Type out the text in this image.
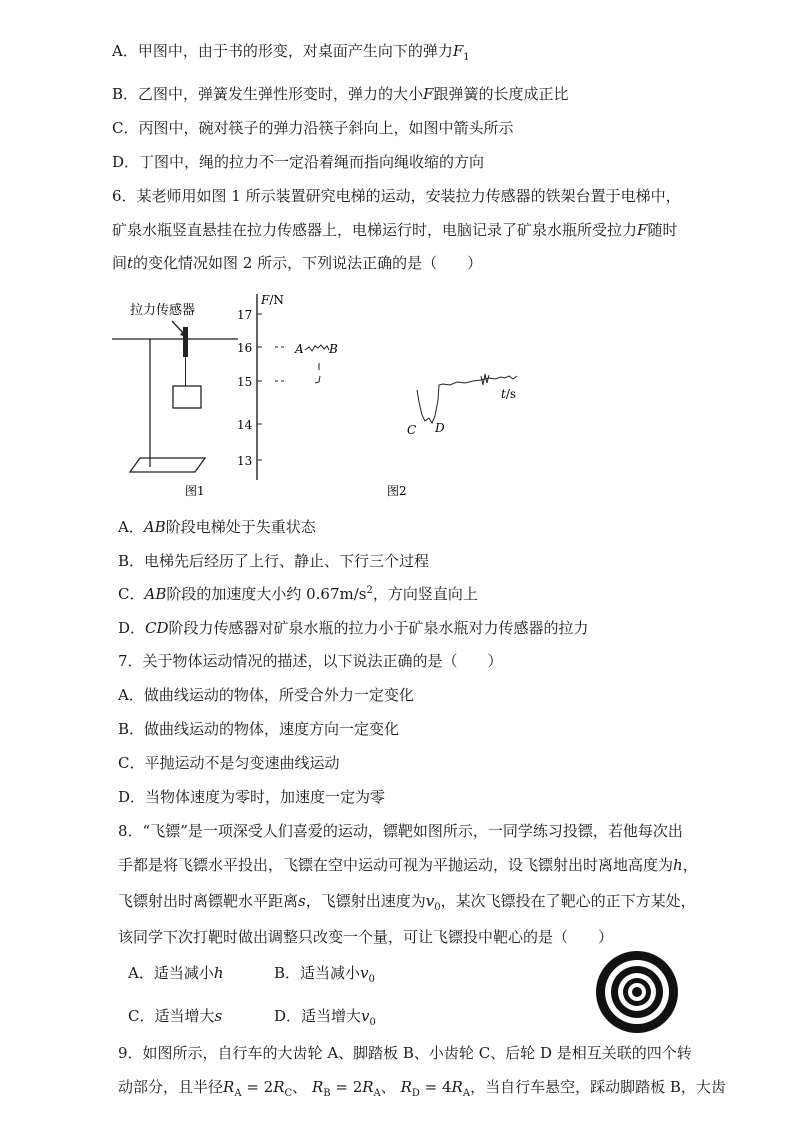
A．甲图中，由于书的形变，对桌面产生向下的弹力$F_1$
B．乙图中，弹簧发生弹性形变时，弹力的大小F跟弹簧的长度成正比
C．丙图中，碗对筷子的弹力沿筷子斜向上，如图中箭头所示
D．丁图中，绳的拉力不一定沿着绳而指向绳收缩的方向
6．某老师用如图 1 所示装置研究电梯的运动，安装拉力传感器的铁架台置于电梯中，
矿泉水瓶竖直悬挂在拉力传感器上，电梯运行时，电脑记录了矿泉水瓶所受拉力F随时
间t的变化情况如图 2 所示，下列说法正确的是（　　）
拉力传感器
图1
F/N
17
16
15
14
13
A B
C D
t/s
图2
A．AB阶段电梯处于失重状态
B．电梯先后经历了上行、静止、下行三个过程
C．AB阶段的加速度大小约 $0.67m/s^2$，方向竖直向上
D．CD阶段力传感器对矿泉水瓶的拉力小于矿泉水瓶对力传感器的拉力
7．关于物体运动情况的描述，以下说法正确的是（　　）
A．做曲线运动的物体，所受合外力一定变化
B．做曲线运动的物体，速度方向一定变化
C．平抛运动不是匀变速曲线运动
D．当物体速度为零时，加速度一定为零
8．“飞镖”是一项深受人们喜爱的运动，镖靶如图所示，一同学练习投镖，若他每次出
手都是将飞镖水平投出，飞镖在空中运动可视为平抛运动，设飞镖射出时离地高度为h，
飞镖射出时离镖靶水平距离s，飞镖射出速度为$v_0$，某次飞镖投在了靶心的正下方某处，
该同学下次打靶时做出调整只改变一个量，可让飞镖投中靶心的是（　　）
A．适当减小h	B．适当减小$v_0$
C．适当增大s	D．适当增大$v_0$
9．如图所示，自行车的大齿轮 A、脚踏板 B、小齿轮 C、后轮 D 是相互关联的四个转
动部分，且半径$R_A = 2R_C$、 $R_B = 2R_A$、 $R_D = 4R_A$，当自行车悬空，踩动脚踏板 B，大齿
